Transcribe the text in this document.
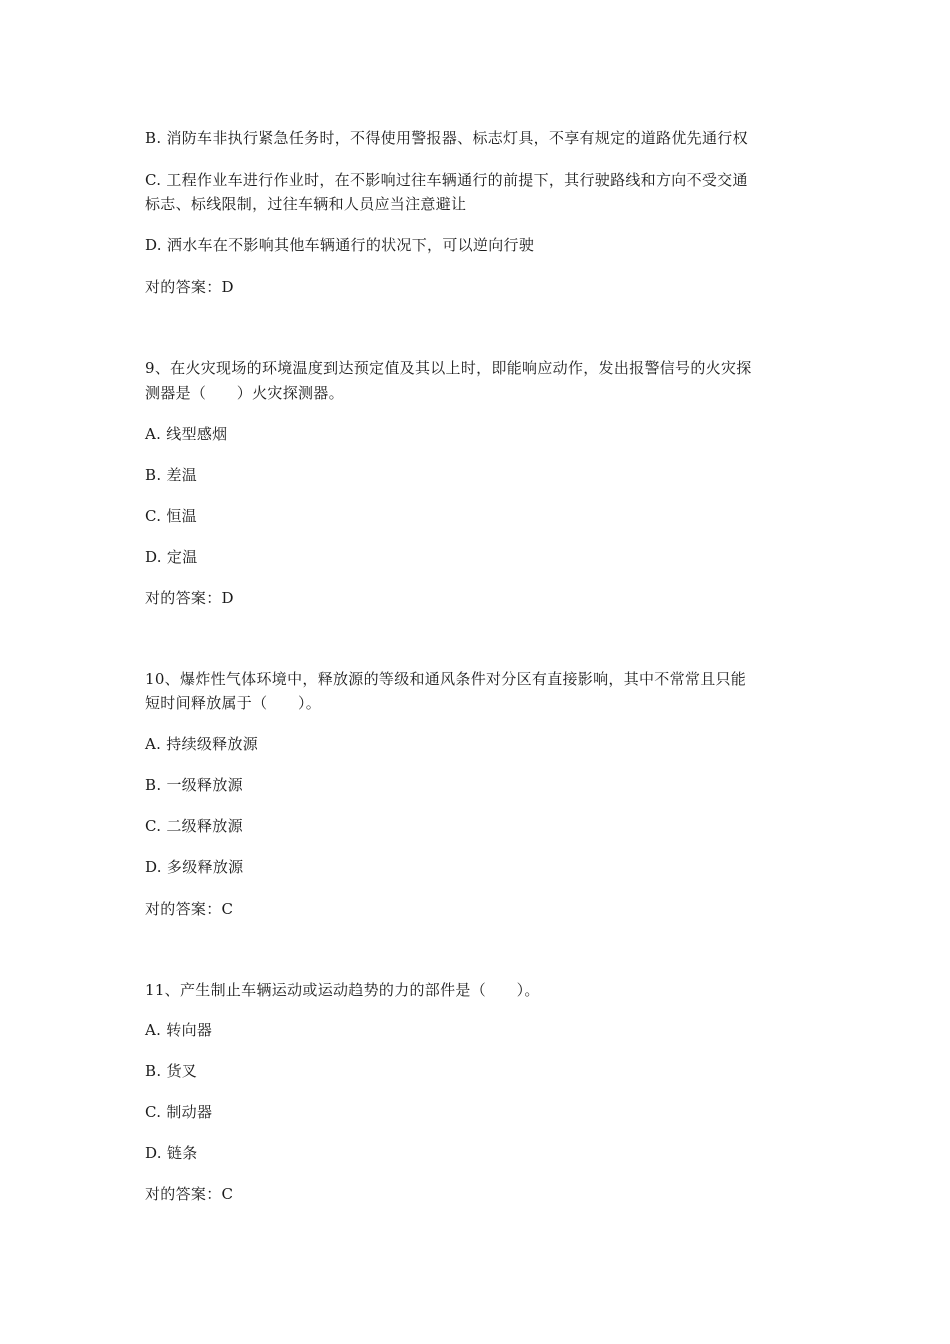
B. 消防车非执行紧急任务时，不得使用警报器、标志灯具，不享有规定的道路优先通行权
C. 工程作业车进行作业时，在不影响过往车辆通行的前提下，其行驶路线和方向不受交通
标志、标线限制，过往车辆和人员应当注意避让
D. 洒水车在不影响其他车辆通行的状况下，可以逆向行驶
对的答案：D
9、在火灾现场的环境温度到达预定值及其以上时，即能响应动作，发出报警信号的火灾探
测器是（　　）火灾探测器。
A. 线型感烟
B. 差温
C. 恒温
D. 定温
对的答案：D
10、爆炸性气体环境中，释放源的等级和通风条件对分区有直接影响，其中不常常且只能
短时间释放属于（　　）。
A. 持续级释放源
B. 一级释放源
C. 二级释放源
D. 多级释放源
对的答案：C
11、产生制止车辆运动或运动趋势的力的部件是（　　）。
A. 转向器
B. 货叉
C. 制动器
D. 链条
对的答案：C
